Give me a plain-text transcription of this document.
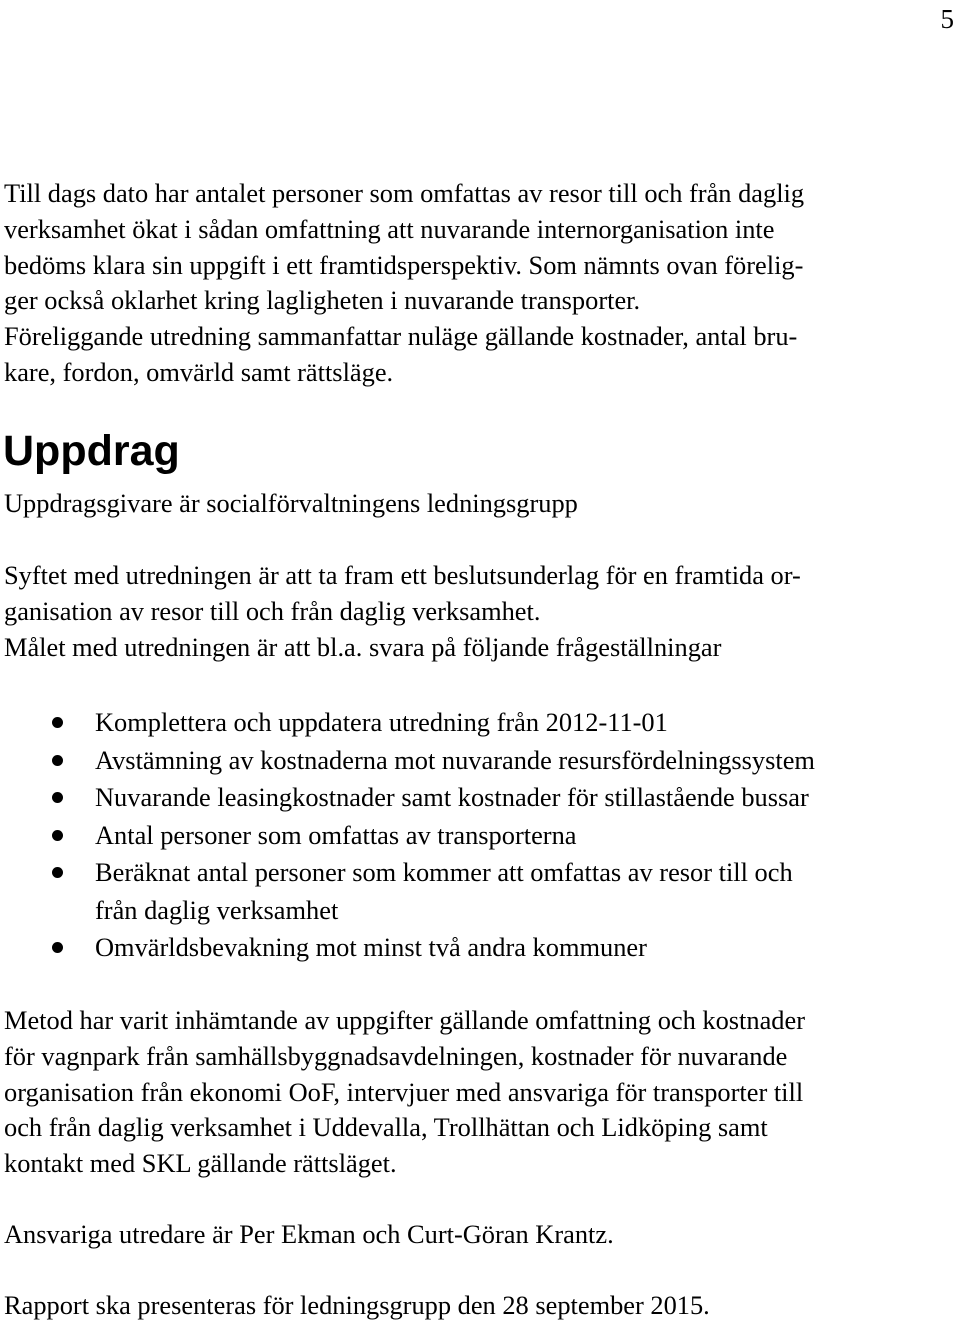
5

Till dags dato har antalet personer som omfattas av resor till och från daglig
verksamhet ökat i sådan omfattning att nuvarande internorganisation inte
bedöms klara sin uppgift i ett framtidsperspektiv. Som nämnts ovan förelig-
ger också oklarhet kring lagligheten i nuvarande transporter.
Föreliggande utredning sammanfattar nuläge gällande kostnader, antal bru-
kare, fordon, omvärld samt rättsläge.

Uppdrag

Uppdragsgivare är socialförvaltningens ledningsgrupp

Syftet med utredningen är att ta fram ett beslutsunderlag för en framtida or-
ganisation av resor till och från daglig verksamhet.
Målet med utredningen är att bl.a. svara på följande frågeställningar

Komplettera och uppdatera utredning från 2012-11-01
Avstämning av kostnaderna mot nuvarande resursfördelningssystem
Nuvarande leasingkostnader samt kostnader för stillastående bussar
Antal personer som omfattas av transporterna
Beräknat antal personer som kommer att omfattas av resor till och
från daglig verksamhet
Omvärldsbevakning mot minst två andra kommuner

Metod har varit inhämtande av uppgifter gällande omfattning och kostnader
för vagnpark från samhällsbyggnadsavdelningen, kostnader för nuvarande
organisation från ekonomi OoF, intervjuer med ansvariga för transporter till
och från daglig verksamhet i Uddevalla, Trollhättan och Lidköping samt
kontakt med SKL gällande rättsläget.

Ansvariga utredare är Per Ekman och Curt-Göran Krantz.

Rapport ska presenteras för ledningsgrupp den 28 september 2015.
